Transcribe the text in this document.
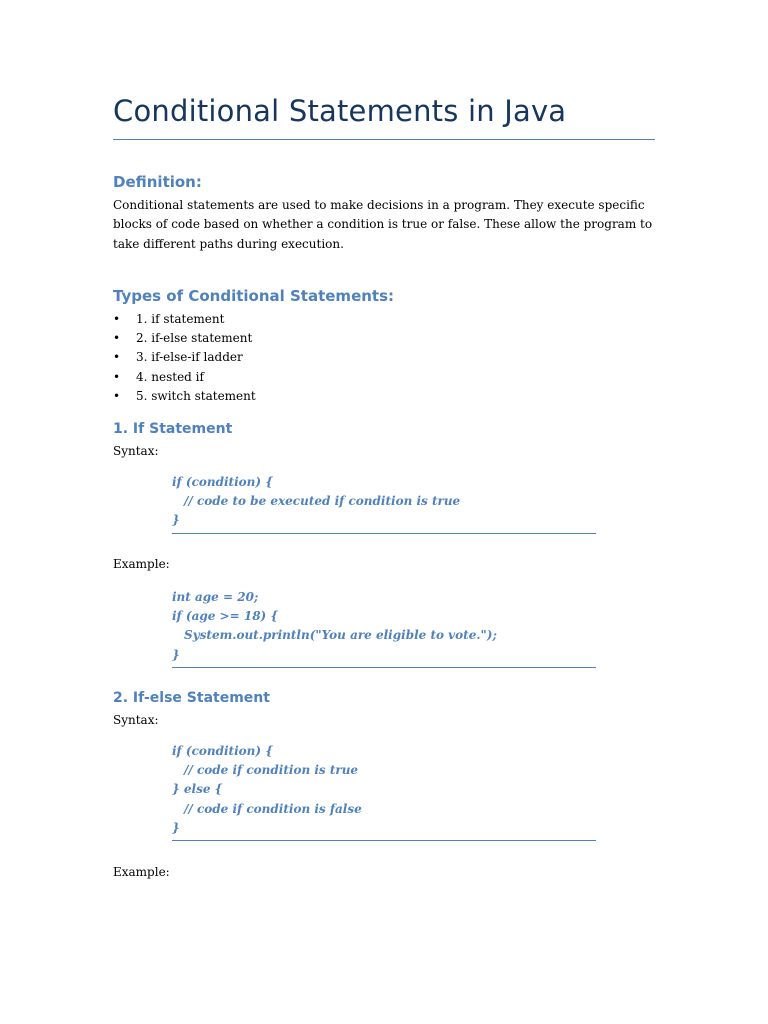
Conditional Statements in Java
Definition:
Conditional statements are used to make decisions in a program. They execute specific
blocks of code based on whether a condition is true or false. These allow the program to
take different paths during execution.
Types of Conditional Statements:
• 1. if statement
• 2. if-else statement
• 3. if-else-if ladder
• 4. nested if
• 5. switch statement
1. If Statement
Syntax:
if (condition) {
// code to be executed if condition is true
}
Example:
int age = 20;
if (age >= 18) {
System.out.println("You are eligible to vote.");
}
2. If-else Statement
Syntax:
if (condition) {
// code if condition is true
} else {
// code if condition is false
}
Example:
